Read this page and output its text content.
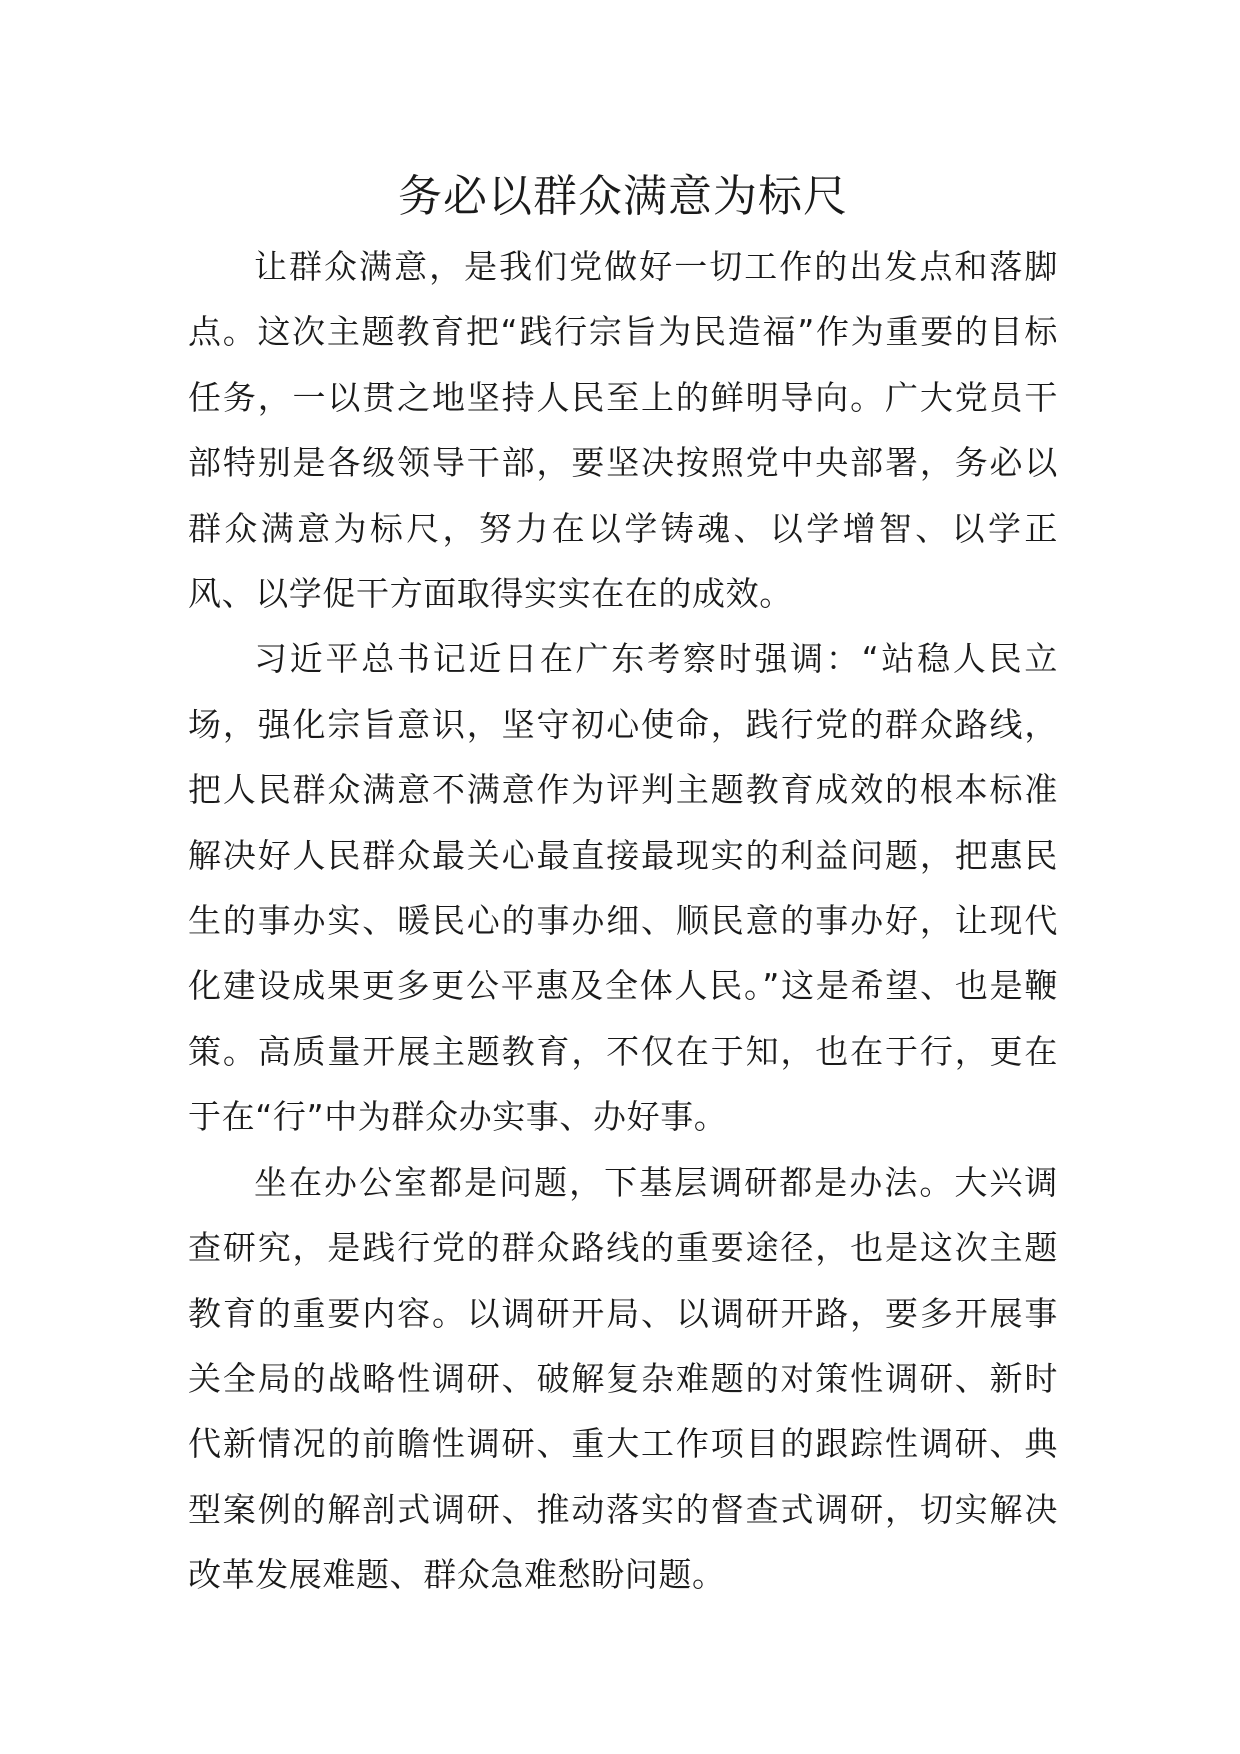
务必以群众满意为标尺

让群众满意，是我们党做好一切工作的出发点和落脚点。这次主题教育把“践行宗旨为民造福”作为重要的目标任务，一以贯之地坚持人民至上的鲜明导向。广大党员干部特别是各级领导干部，要坚决按照党中央部署，务必以群众满意为标尺，努力在以学铸魂、以学增智、以学正风、以学促干方面取得实实在在的成效。

习近平总书记近日在广东考察时强调：“站稳人民立场，强化宗旨意识，坚守初心使命，践行党的群众路线，把人民群众满意不满意作为评判主题教育成效的根本标准解决好人民群众最关心最直接最现实的利益问题，把惠民生的事办实、暖民心的事办细、顺民意的事办好，让现代化建设成果更多更公平惠及全体人民。”这是希望、也是鞭策。高质量开展主题教育，不仅在于知，也在于行，更在于在“行”中为群众办实事、办好事。

坐在办公室都是问题，下基层调研都是办法。大兴调查研究，是践行党的群众路线的重要途径，也是这次主题教育的重要内容。以调研开局、以调研开路，要多开展事关全局的战略性调研、破解复杂难题的对策性调研、新时代新情况的前瞻性调研、重大工作项目的跟踪性调研、典型案例的解剖式调研、推动落实的督查式调研，切实解决改革发展难题、群众急难愁盼问题。
